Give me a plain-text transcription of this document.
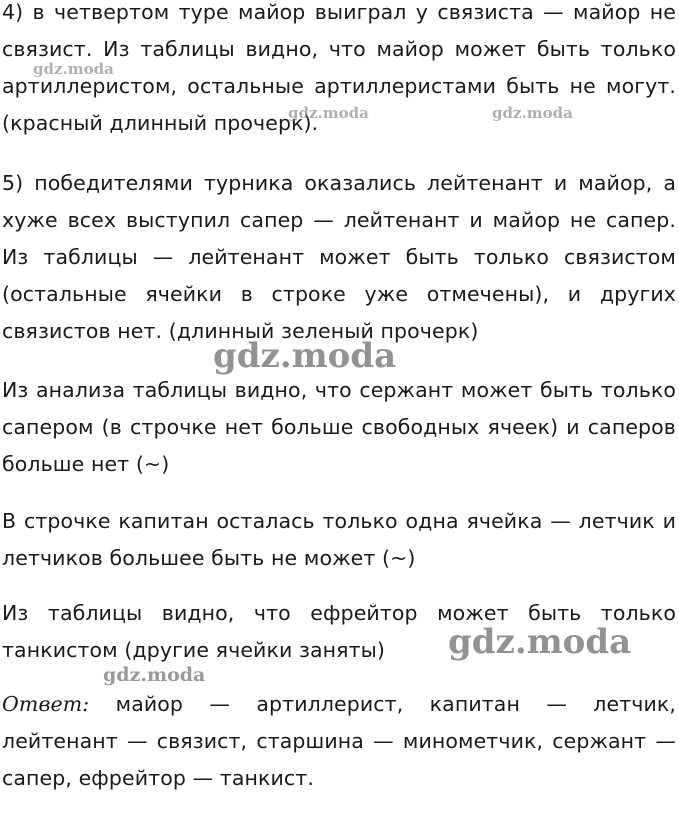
4) в четвертом туре майор выиграл у связиста — майор не связист. Из таблицы видно, что майор может быть только артиллеристом, остальные артиллеристами быть не могут. (красный длинный прочерк).

5) победителями турника оказались лейтенант и майор, а хуже всех выступил сапер — лейтенант и майор не сапер. Из таблицы — лейтенант может быть только связистом (остальные ячейки в строке уже отмечены), и других связистов нет. (длинный зеленый прочерк)

Из анализа таблицы видно, что сержант может быть только сапером (в строчке нет больше свободных ячеек) и саперов больше нет (~)

В строчке капитан осталась только одна ячейка — летчик и летчиков большее быть не может (~)

Из таблицы видно, что ефрейтор может быть только танкистом (другие ячейки заняты)

Ответ: майор — артиллерист, капитан — летчик, лейтенант — связист, старшина — минометчик, сержант — сапер, ефрейтор — танкист.

gdz.moda
gdz.moda	gdz.moda
gdz.moda
gdz.moda
gdz.moda
